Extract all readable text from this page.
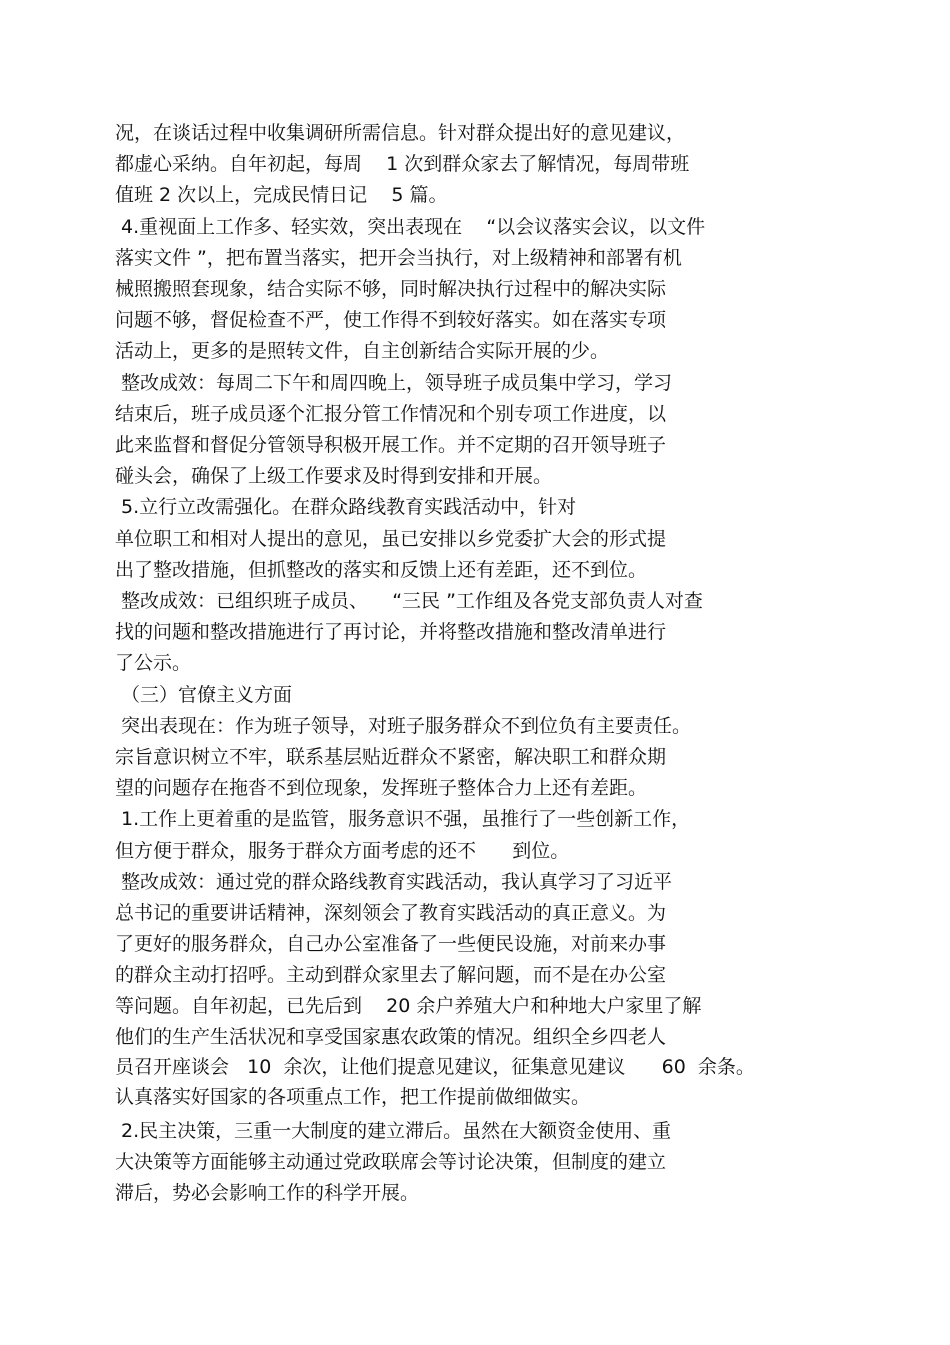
况，在谈话过程中收集调研所需信息。针对群众提出好的意见建议，
都虚心采纳。自年初起，每周    1 次到群众家去了解情况，每周带班
值班 2 次以上，完成民情日记    5 篇。
4.重视面上工作多、轻实效，突出表现在    “以会议落实会议，以文件
落实文件 ”，把布置当落实，把开会当执行，对上级精神和部署有机
械照搬照套现象，结合实际不够，同时解决执行过程中的解决实际
问题不够，督促检查不严，使工作得不到较好落实。如在落实专项
活动上，更多的是照转文件，自主创新结合实际开展的少。
整改成效：每周二下午和周四晚上，领导班子成员集中学习，学习
结束后，班子成员逐个汇报分管工作情况和个别专项工作进度，以
此来监督和督促分管领导积极开展工作。并不定期的召开领导班子
碰头会，确保了上级工作要求及时得到安排和开展。
5.立行立改需强化。在群众路线教育实践活动中，针对
单位职工和相对人提出的意见，虽已安排以乡党委扩大会的形式提
出了整改措施，但抓整改的落实和反馈上还有差距，还不到位。
整改成效：已组织班子成员、    “三民 ”工作组及各党支部负责人对查
找的问题和整改措施进行了再讨论，并将整改措施和整改清单进行
了公示。
（三）官僚主义方面
突出表现在：作为班子领导，对班子服务群众不到位负有主要责任。
宗旨意识树立不牢，联系基层贴近群众不紧密，解决职工和群众期
望的问题存在拖沓不到位现象，发挥班子整体合力上还有差距。
1.工作上更着重的是监管，服务意识不强，虽推行了一些创新工作，
但方便于群众，服务于群众方面考虑的还不      到位。
整改成效：通过党的群众路线教育实践活动，我认真学习了习近平
总书记的重要讲话精神，深刻领会了教育实践活动的真正意义。为
了更好的服务群众，自己办公室准备了一些便民设施，对前来办事
的群众主动打招呼。主动到群众家里去了解问题，而不是在办公室
等问题。自年初起，已先后到    20 余户养殖大户和种地大户家里了解
他们的生产生活状况和享受国家惠农政策的情况。组织全乡四老人
员召开座谈会   10  余次，让他们提意见建议，征集意见建议      60  余条。
认真落实好国家的各项重点工作，把工作提前做细做实。
2.民主决策，三重一大制度的建立滞后。虽然在大额资金使用、重
大决策等方面能够主动通过党政联席会等讨论决策，但制度的建立
滞后，势必会影响工作的科学开展。
